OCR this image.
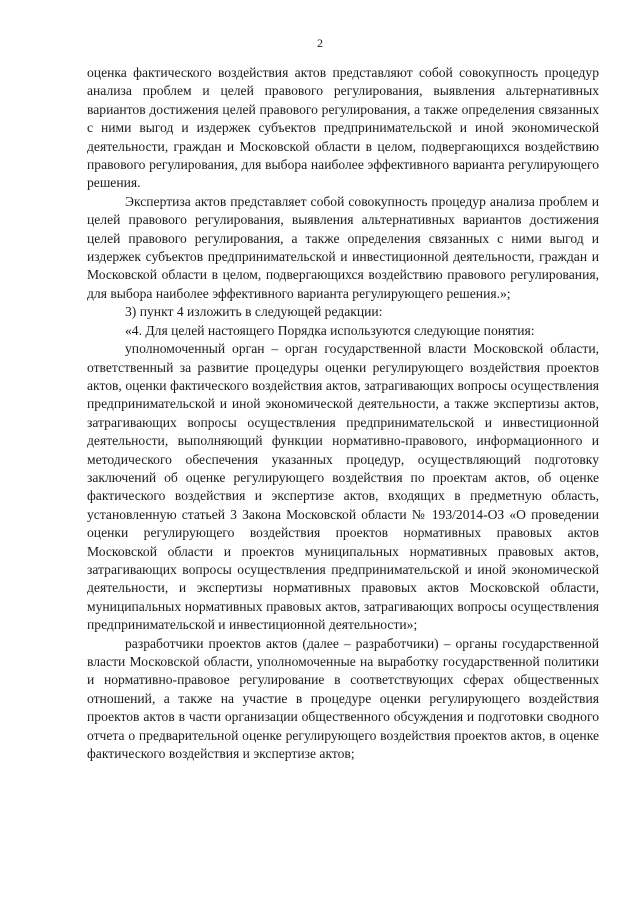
2

оценка фактического воздействия актов представляют собой совокупность процедур анализа проблем и целей правового регулирования, выявления альтернативных вариантов достижения целей правового регулирования, а также определения связанных с ними выгод и издержек субъектов предпринимательской и иной экономической деятельности, граждан и Московской области в целом, подвергающихся воздействию правового регулирования, для выбора наиболее эффективного варианта регулирующего решения.

Экспертиза актов представляет собой совокупность процедур анализа проблем и целей правового регулирования, выявления альтернативных вариантов достижения целей правового регулирования, а также определения связанных с ними выгод и издержек субъектов предпринимательской и инвестиционной деятельности, граждан и Московской области в целом, подвергающихся воздействию правового регулирования, для выбора наиболее эффективного варианта регулирующего решения.»;

3) пункт 4 изложить в следующей редакции:

«4. Для целей настоящего Порядка используются следующие понятия:

уполномоченный орган – орган государственной власти Московской области, ответственный за развитие процедуры оценки регулирующего воздействия проектов актов, оценки фактического воздействия актов, затрагивающих вопросы осуществления предпринимательской и иной экономической деятельности, а также экспертизы актов, затрагивающих вопросы осуществления предпринимательской и инвестиционной деятельности, выполняющий функции нормативно-правового, информационного и методического обеспечения указанных процедур, осуществляющий подготовку заключений об оценке регулирующего воздействия по проектам актов, об оценке фактического воздействия и экспертизе актов, входящих в предметную область, установленную статьей 3 Закона Московской области № 193/2014-ОЗ «О проведении оценки регулирующего воздействия проектов нормативных правовых актов Московской области и проектов муниципальных нормативных правовых актов, затрагивающих вопросы осуществления предпринимательской и иной экономической деятельности, и экспертизы нормативных правовых актов Московской области, муниципальных нормативных правовых актов, затрагивающих вопросы осуществления предпринимательской и инвестиционной деятельности»;

разработчики проектов актов (далее – разработчики) – органы государственной власти Московской области, уполномоченные на выработку государственной политики и нормативно-правовое регулирование в соответствующих сферах общественных отношений, а также на участие в процедуре оценки регулирующего воздействия проектов актов в части организации общественного обсуждения и подготовки сводного отчета о предварительной оценке регулирующего воздействия проектов актов, в оценке фактического воздействия и экспертизе актов;
